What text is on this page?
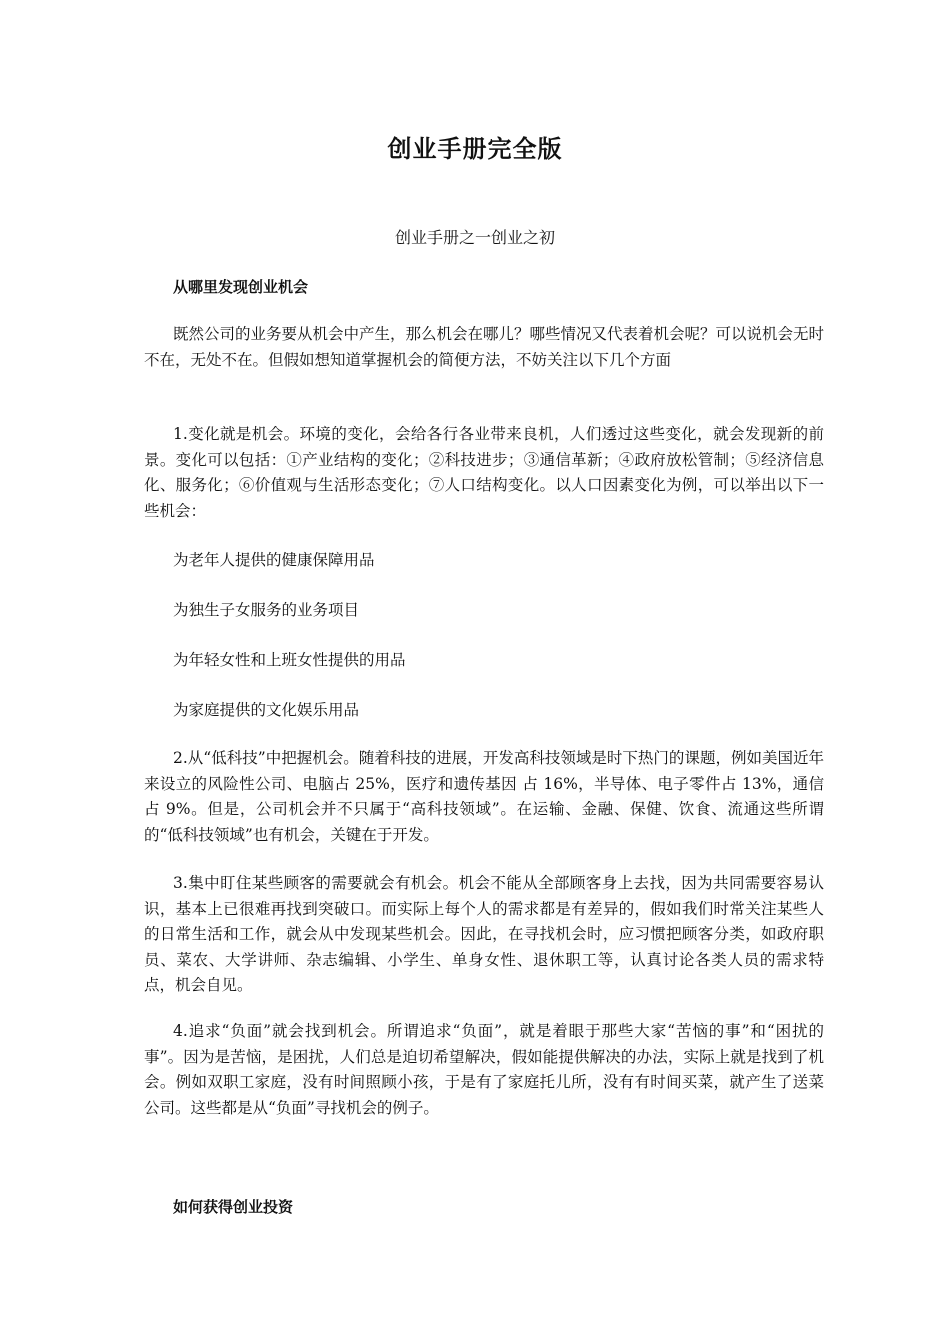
创业手册完全版
创业手册之一创业之初
从哪里发现创业机会

既然公司的业务要从机会中产生，那么机会在哪儿？哪些情况又代表着机会呢？可以说机会无时不在，无处不在。但假如想知道掌握机会的简便方法，不妨关注以下几个方面

1.变化就是机会。环境的变化，会给各行各业带来良机，人们透过这些变化，就会发现新的前景。变化可以包括：①产业结构的变化；②科技进步；③通信革新；④政府放松管制；⑤经济信息化、服务化；⑥价值观与生活形态变化；⑦人口结构变化。以人口因素变化为例，可以举出以下一些机会：

为老年人提供的健康保障用品
为独生子女服务的业务项目
为年轻女性和上班女性提供的用品
为家庭提供的文化娱乐用品

2.从“低科技”中把握机会。随着科技的进展，开发高科技领域是时下热门的课题，例如美国近年来设立的风险性公司、电脑占 25%，医疗和遗传基因 占 16%，半导体、电子零件占 13%，通信占 9%。但是，公司机会并不只属于“高科技领域”。在运输、金融、保健、饮食、流通这些所谓的“低科技领域”也有机会，关键在于开发。

3.集中盯住某些顾客的需要就会有机会。机会不能从全部顾客身上去找，因为共同需要容易认识，基本上已很难再找到突破口。而实际上每个人的需求都是有差异的，假如我们时常关注某些人的日常生活和工作，就会从中发现某些机会。因此，在寻找机会时，应习惯把顾客分类，如政府职员、菜农、大学讲师、杂志编辑、小学生、单身女性、退休职工等，认真讨论各类人员的需求特点，机会自见。

4.追求“负面”就会找到机会。所谓追求“负面”，就是着眼于那些大家“苦恼的事”和“困扰的事”。因为是苦恼，是困扰，人们总是迫切希望解决，假如能提供解决的办法，实际上就是找到了机会。例如双职工家庭，没有时间照顾小孩，于是有了家庭托儿所，没有有时间买菜，就产生了送菜公司。这些都是从“负面”寻找机会的例子。

如何获得创业投资
